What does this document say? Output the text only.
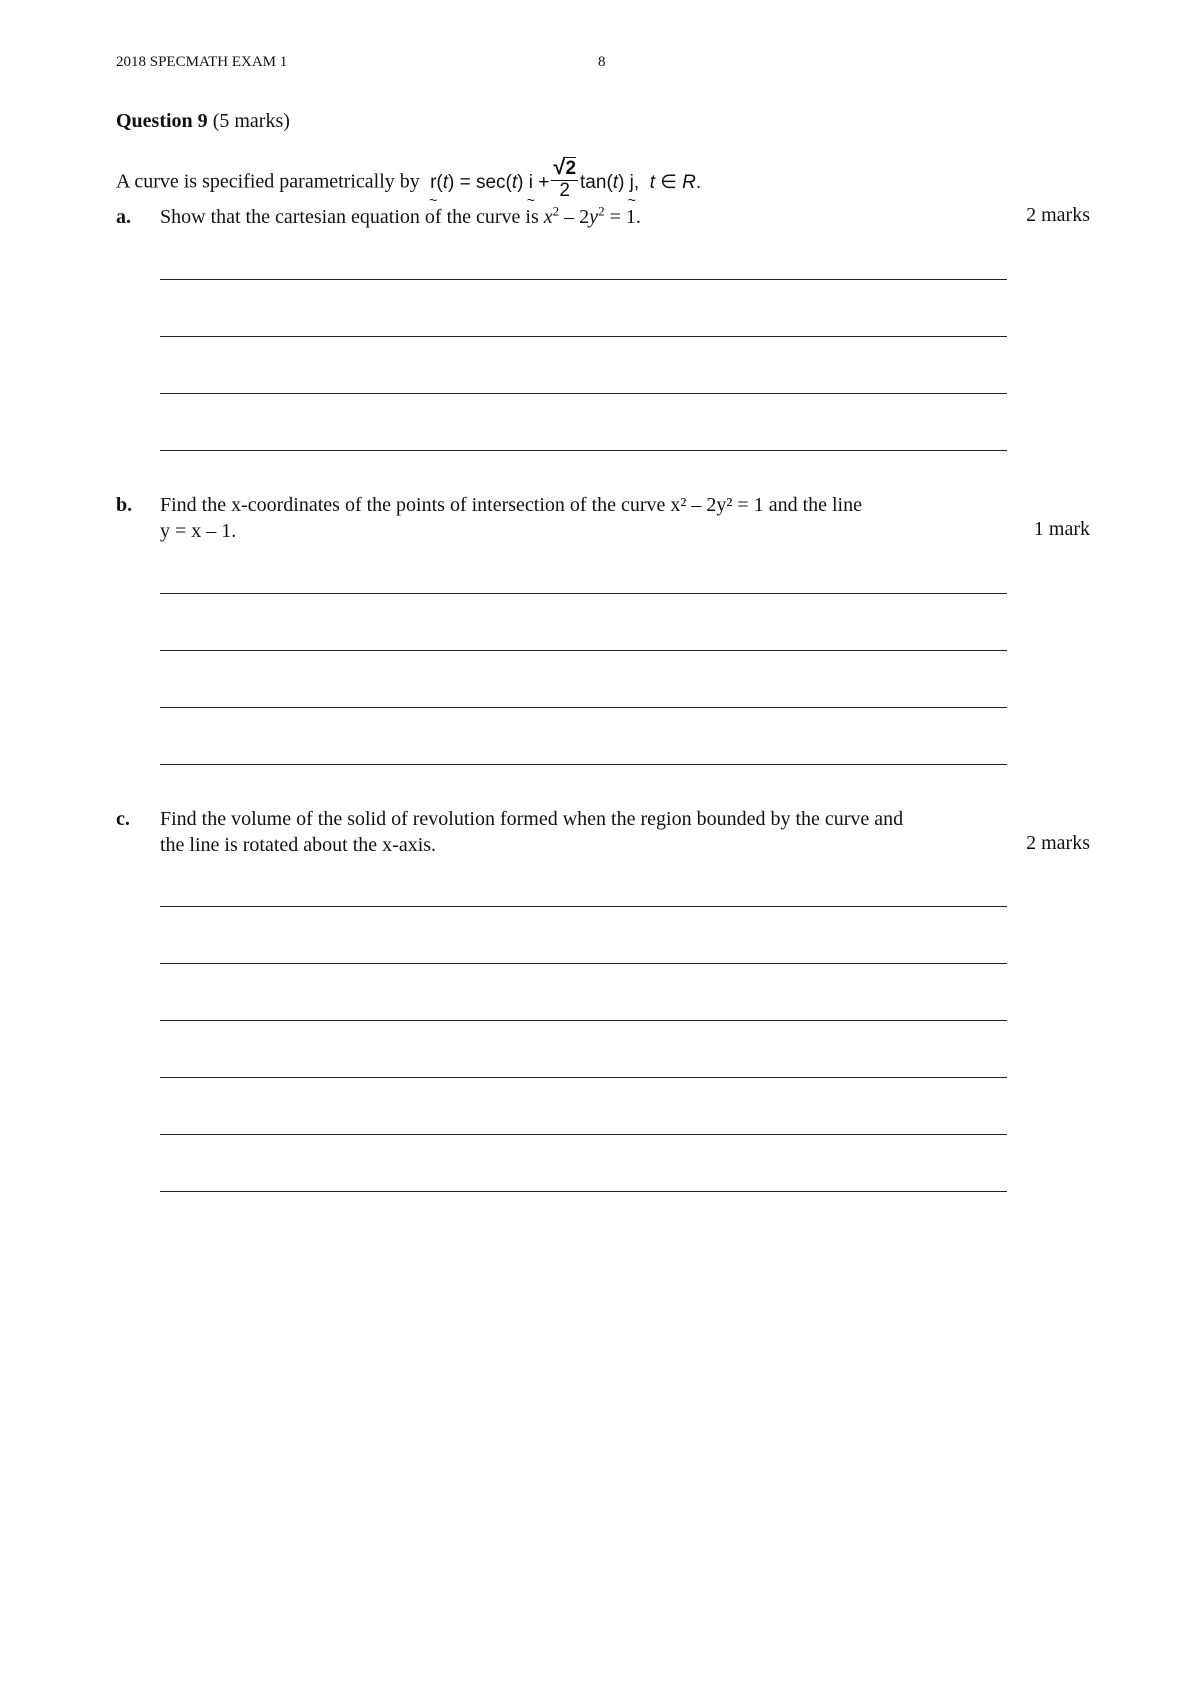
2018 SPECMATH EXAM 1	8
Question 9 (5 marks)
A curve is specified parametrically by r ~(t) = sec(t) i ~ + $\frac{√2}{2} \tan(t)$ j ~,  t ∈ R.
a. Show that the cartesian equation of the curve is $x^2 - 2y^2 = 1$.	2 marks
b. Find the x-coordinates of the points of intersection of the curve x² – 2y² = 1 and the line
y = x – 1.	1 mark
c. Find the volume of the solid of revolution formed when the region bounded by the curve and
the line is rotated about the x-axis.	2 marks
